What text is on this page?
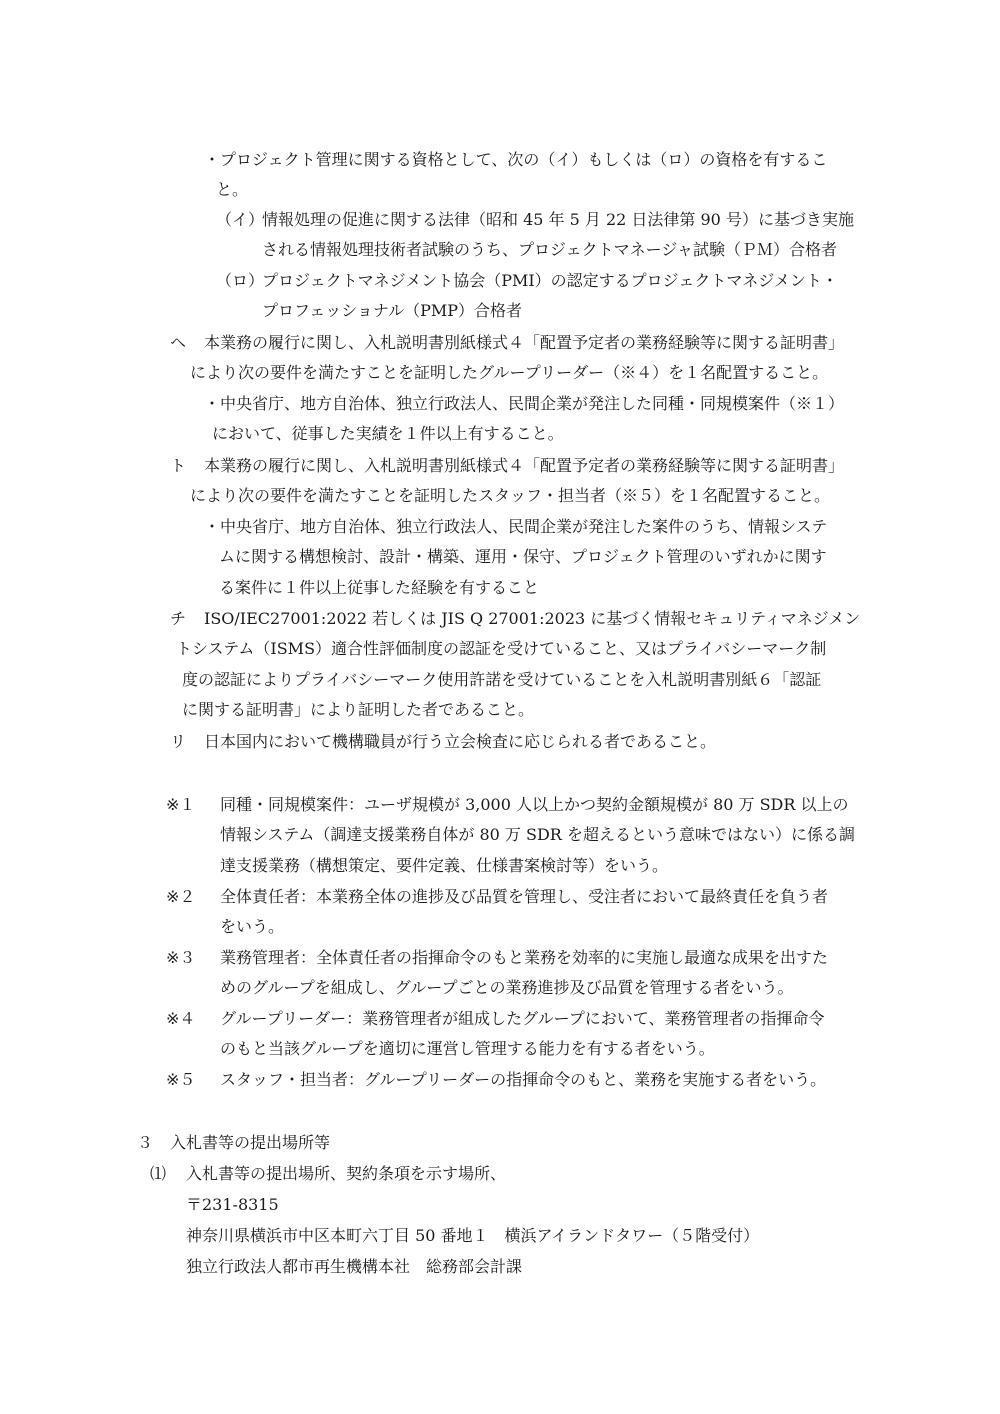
・プロジェクト管理に関する資格として、次の（イ）もしくは（ロ）の資格を有するこ
と。
（イ）
情報処理の促進に関する法律（昭和 45 年 5 月 22 日法律第 90 号）に基づき実施
される情報処理技術者試験のうち、プロジェクトマネージャ試験（ＰＭ）合格者
（ロ）
プロジェクトマネジメント協会（PMI）の認定するプロジェクトマネジメント・
プロフェッショナル（PMP）合格者
ヘ 本業務の履行に関し、入札説明書別紙様式４「配置予定者の業務経験等に関する証明書」
により次の要件を満たすことを証明したグループリーダー（※４）を１名配置すること。
・中央省庁、地方自治体、独立行政法人、民間企業が発注した同種・同規模案件（※１）
において、従事した実績を１件以上有すること。
ト 本業務の履行に関し、入札説明書別紙様式４「配置予定者の業務経験等に関する証明書」
により次の要件を満たすことを証明したスタッフ・担当者（※５）を１名配置すること。
・中央省庁、地方自治体、独立行政法人、民間企業が発注した案件のうち、情報システ
ムに関する構想検討、設計・構築、運用・保守、プロジェクト管理のいずれかに関す
る案件に１件以上従事した経験を有すること
チ ISO/IEC27001:2022 若しくは JIS Q 27001:2023 に基づく情報セキュリティマネジメン
トシステム（ISMS）適合性評価制度の認証を受けていること、又はプライバシーマーク制
度の認証によりプライバシーマーク使用許諾を受けていることを入札説明書別紙６「認証
に関する証明書」により証明した者であること。
リ 日本国内において機構職員が行う立会検査に応じられる者であること。
※１ 同種・同規模案件：ユーザ規模が 3,000 人以上かつ契約金額規模が 80 万 SDR 以上の
情報システム（調達支援業務自体が 80 万 SDR を超えるという意味ではない）に係る調
達支援業務（構想策定、要件定義、仕様書案検討等）をいう。
※２ 全体責任者：本業務全体の進捗及び品質を管理し、受注者において最終責任を負う者
をいう。
※３ 業務管理者：全体責任者の指揮命令のもと業務を効率的に実施し最適な成果を出すた
めのグループを組成し、グループごとの業務進捗及び品質を管理する者をいう。
※４ グループリーダー：業務管理者が組成したグループにおいて、業務管理者の指揮命令
のもと当該グループを適切に運営し管理する能力を有する者をいう。
※５ スタッフ・担当者：グループリーダーの指揮命令のもと、業務を実施する者をいう。
３ 入札書等の提出場所等
⑴ 入札書等の提出場所、契約条項を示す場所、
〒231‐8315
神奈川県横浜市中区本町六丁目 50 番地１　横浜アイランドタワー（５階受付）
独立行政法人都市再生機構本社　総務部会計課
